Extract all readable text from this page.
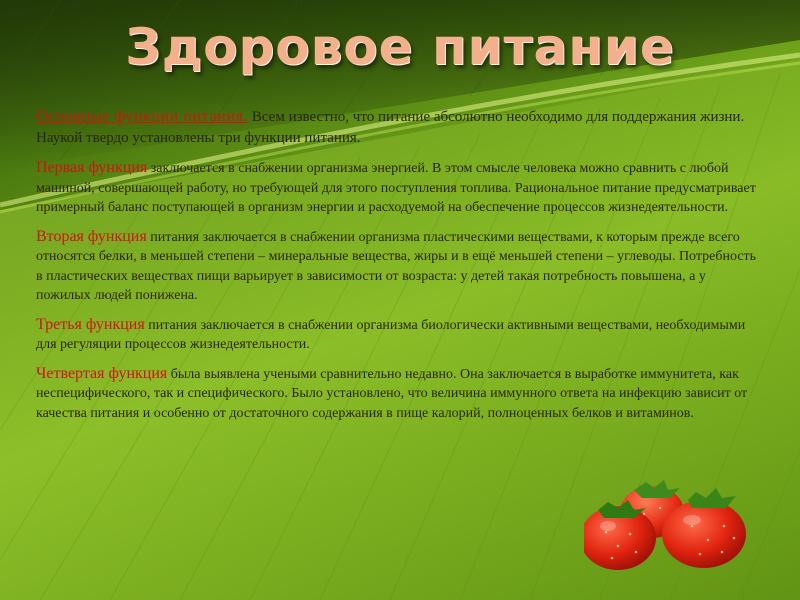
Здоровое питание

Основные функции питания. Всем известно, что питание абсолютно необходимо для поддержания жизни. Наукой твердо установлены три функции питания.

Первая функция заключается в снабжении организма энергией. В этом смысле человека можно сравнить с любой машиной, совершающей работу, но требующей для этого поступления топлива. Рациональное питание предусматривает примерный баланс поступающей в организм энергии и расходуемой на обеспечение процессов жизнедеятельности.

Вторая функция питания заключается в снабжении организма пластическими веществами, к которым прежде всего относятся белки, в меньшей степени – минеральные вещества, жиры и в ещё меньшей степени – углеводы. Потребность в пластических веществах пищи варьирует в зависимости от возраста: у детей такая потребность повышена, а у пожилых людей понижена.

Третья функция питания заключается в снабжении организма биологически активными веществами, необходимыми для регуляции процессов жизнедеятельности.

Четвертая функция была выявлена учеными сравнительно недавно. Она заключается в выработке иммунитета, как неспецифического, так и специфического. Было установлено, что величина иммунного ответа на инфекцию зависит от качества питания и особенно от достаточного содержания в пище калорий, полноценных белков и витаминов.
